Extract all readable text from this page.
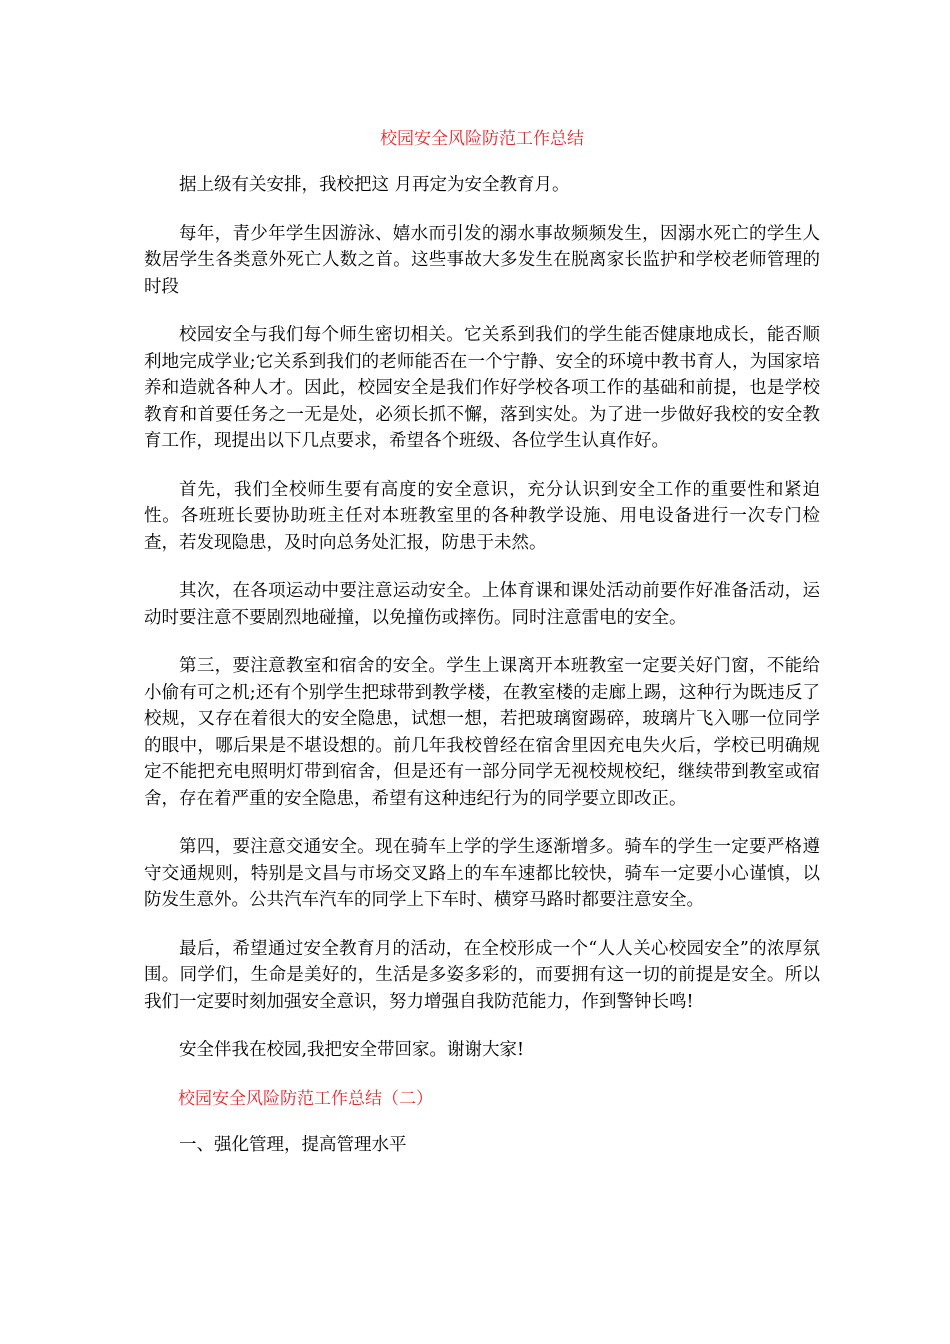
校园安全风险防范工作总结

据上级有关安排，我校把这 月再定为安全教育月。

每年，青少年学生因游泳、嬉水而引发的溺水事故频频发生，因溺水死亡的学生人数居学生各类意外死亡人数之首。这些事故大多发生在脱离家长监护和学校老师管理的时段

校园安全与我们每个师生密切相关。它关系到我们的学生能否健康地成长，能否顺利地完成学业;它关系到我们的老师能否在一个宁静、安全的环境中教书育人，为国家培养和造就各种人才。因此，校园安全是我们作好学校各项工作的基础和前提，也是学校教育和首要任务之一无是处，必须长抓不懈，落到实处。为了进一步做好我校的安全教育工作，现提出以下几点要求，希望各个班级、各位学生认真作好。

首先，我们全校师生要有高度的安全意识，充分认识到安全工作的重要性和紧迫性。各班班长要协助班主任对本班教室里的各种教学设施、用电设备进行一次专门检查，若发现隐患，及时向总务处汇报，防患于未然。

其次，在各项运动中要注意运动安全。上体育课和课处活动前要作好准备活动，运动时要注意不要剧烈地碰撞，以免撞伤或摔伤。同时注意雷电的安全。

第三，要注意教室和宿舍的安全。学生上课离开本班教室一定要关好门窗，不能给小偷有可之机;还有个别学生把球带到教学楼，在教室楼的走廊上踢，这种行为既违反了校规，又存在着很大的安全隐患，试想一想，若把玻璃窗踢碎，玻璃片飞入哪一位同学的眼中，哪后果是不堪设想的。前几年我校曾经在宿舍里因充电失火后，学校已明确规定不能把充电照明灯带到宿舍，但是还有一部分同学无视校规校纪，继续带到教室或宿舍，存在着严重的安全隐患，希望有这种违纪行为的同学要立即改正。

第四，要注意交通安全。现在骑车上学的学生逐渐增多。骑车的学生一定要严格遵守交通规则，特别是文昌与市场交叉路上的车车速都比较快，骑车一定要小心谨慎，以防发生意外。公共汽车汽车的同学上下车时、横穿马路时都要注意安全。

最后，希望通过安全教育月的活动，在全校形成一个“人人关心校园安全”的浓厚氛围。同学们，生命是美好的，生活是多姿多彩的，而要拥有这一切的前提是安全。所以我们一定要时刻加强安全意识，努力增强自我防范能力，作到警钟长鸣!

安全伴我在校园,我把安全带回家。谢谢大家!

校园安全风险防范工作总结（二）

一、强化管理，提高管理水平
